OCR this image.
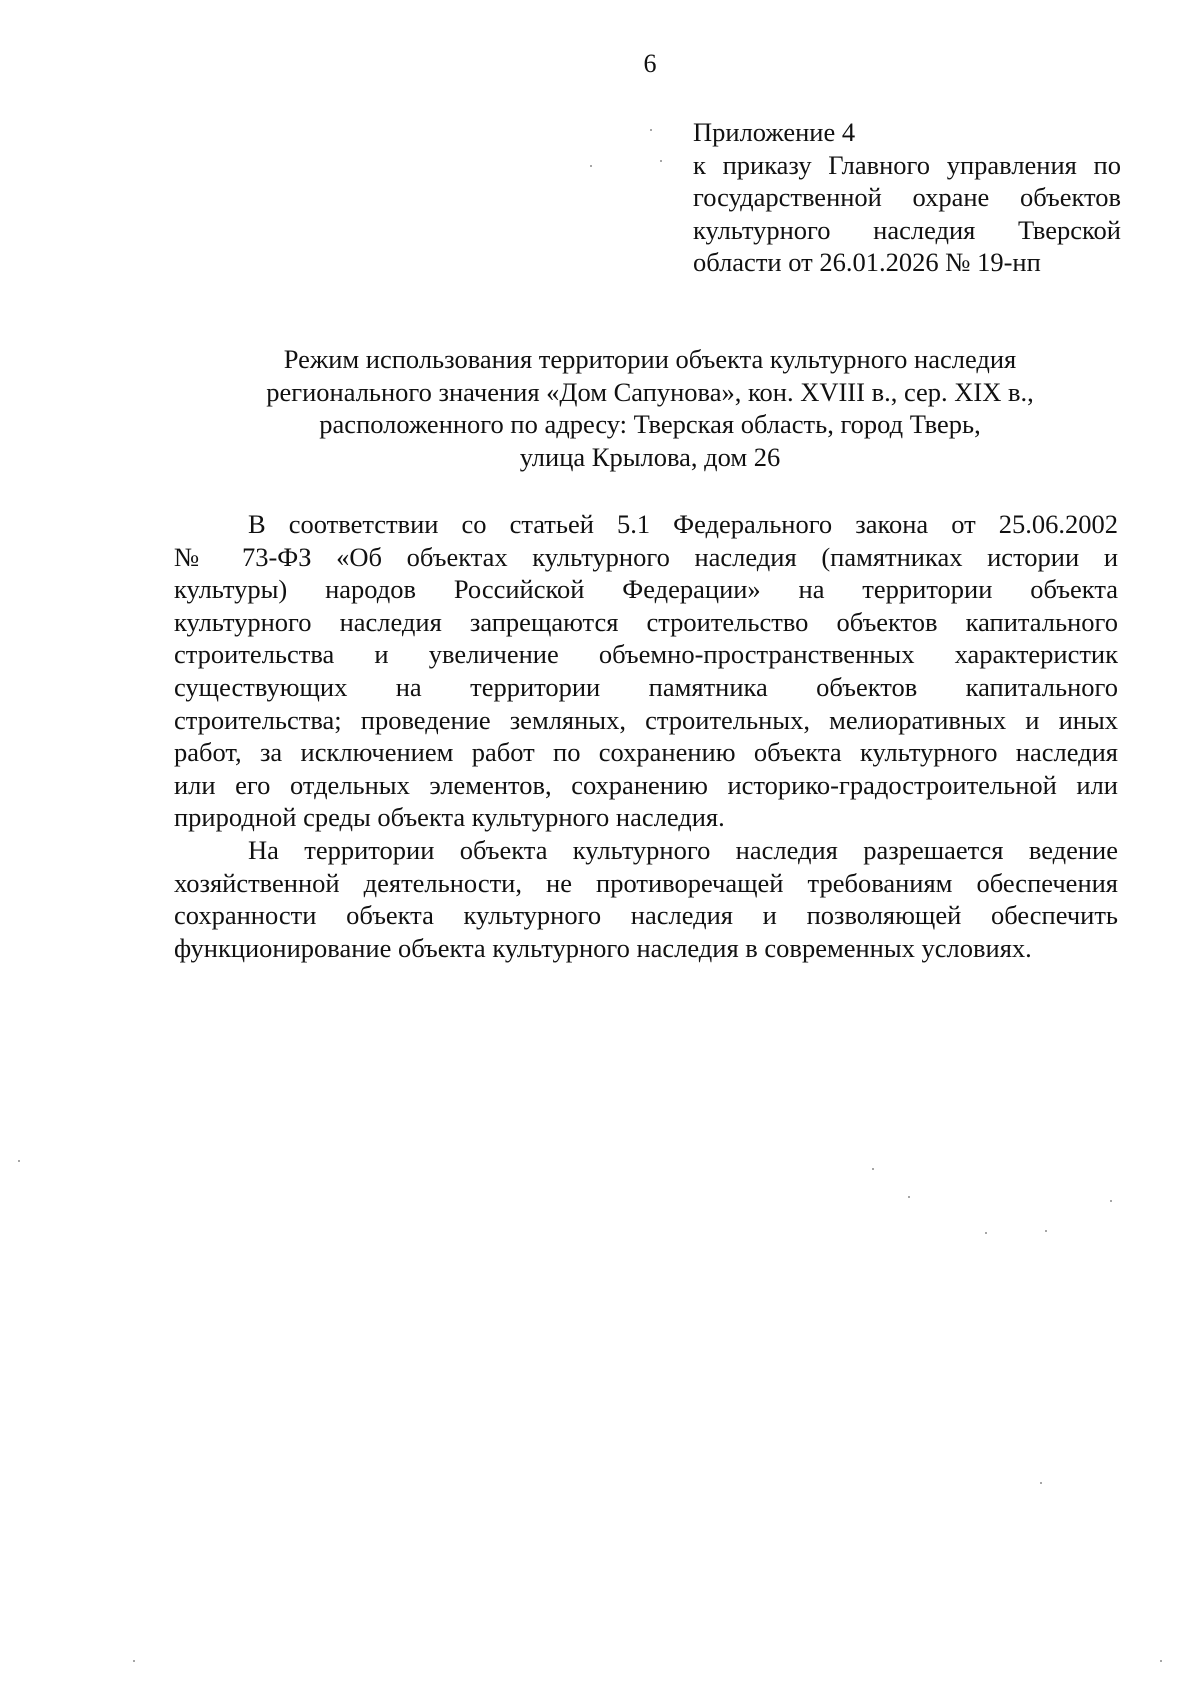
6
Приложение 4
к приказу Главного управления по
государственной охране объектов
культурного наследия Тверской
области от 26.01.2026 № 19-нп
Режим использования территории объекта культурного наследия
регионального значения «Дом Сапунова», кон. XVIII в., сер. XIX в.,
расположенного по адресу: Тверская область, город Тверь,
улица Крылова, дом 26
В соответствии со статьей 5.1 Федерального закона от 25.06.2002
№ 73-ФЗ «Об объектах культурного наследия (памятниках истории и
культуры) народов Российской Федерации» на территории объекта
культурного наследия запрещаются строительство объектов капитального
строительства и увеличение объемно-пространственных характеристик
существующих на территории памятника объектов капитального
строительства; проведение земляных, строительных, мелиоративных и иных
работ, за исключением работ по сохранению объекта культурного наследия
или его отдельных элементов, сохранению историко-градостроительной или
природной среды объекта культурного наследия.
На территории объекта культурного наследия разрешается ведение
хозяйственной деятельности, не противоречащей требованиям обеспечения
сохранности объекта культурного наследия и позволяющей обеспечить
функционирование объекта культурного наследия в современных условиях.
